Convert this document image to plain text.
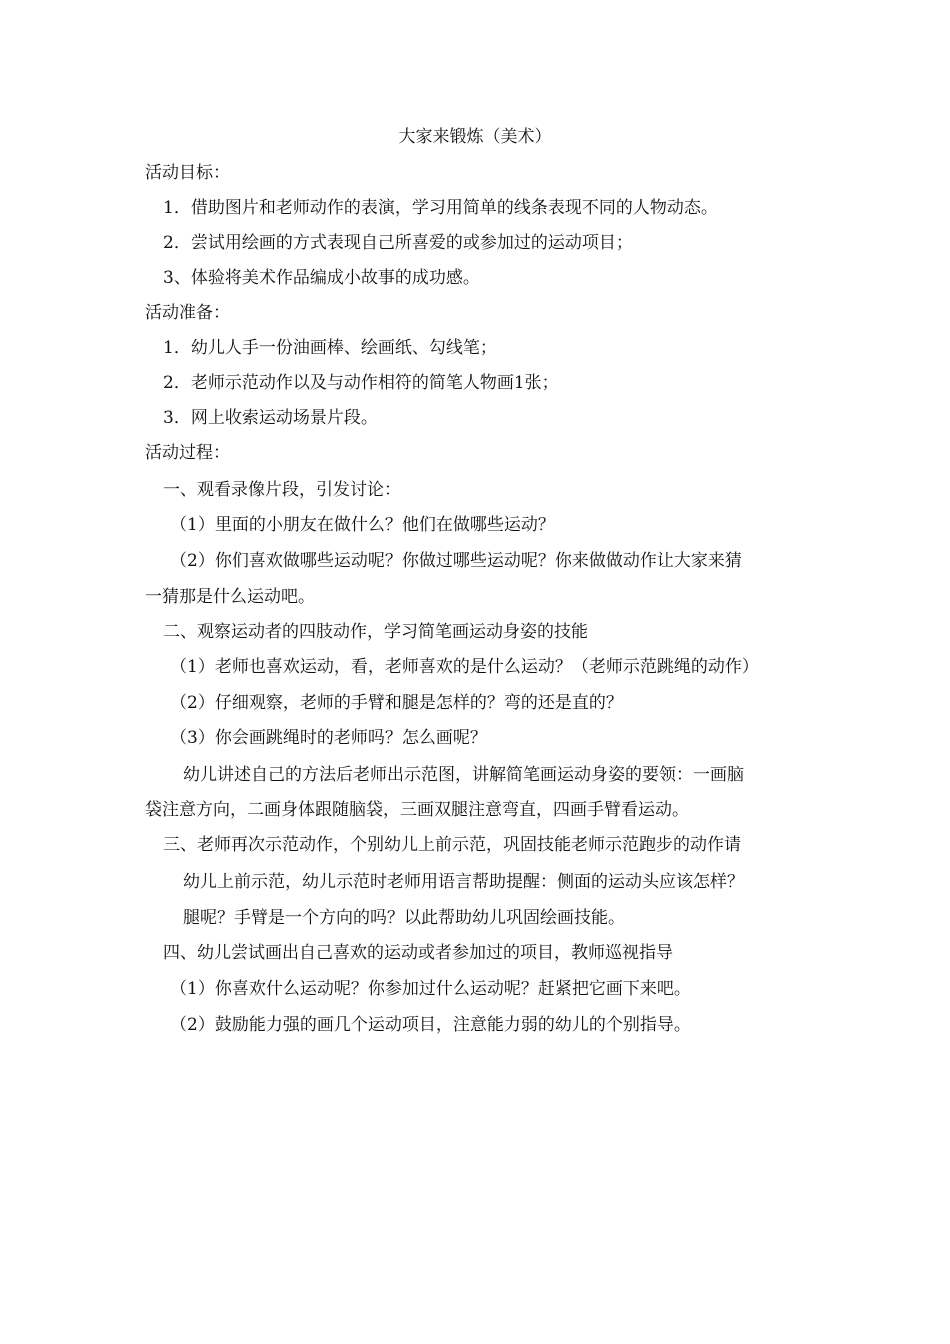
大家来锻炼（美术）
活动目标：
1．借助图片和老师动作的表演，学习用简单的线条表现不同的人物动态。
2．尝试用绘画的方式表现自己所喜爱的或参加过的运动项目；
3、体验将美术作品编成小故事的成功感。
活动准备：
1．幼儿人手一份油画棒、绘画纸、勾线笔；
2．老师示范动作以及与动作相符的简笔人物画1张；
3．网上收索运动场景片段。
活动过程：
一、观看录像片段，引发讨论：
（1）里面的小朋友在做什么？他们在做哪些运动？
（2）你们喜欢做哪些运动呢？你做过哪些运动呢？你来做做动作让大家来猜
一猜那是什么运动吧。
二、观察运动者的四肢动作，学习简笔画运动身姿的技能
（1）老师也喜欢运动，看，老师喜欢的是什么运动？（老师示范跳绳的动作）
（2）仔细观察，老师的手臂和腿是怎样的？弯的还是直的？
（3）你会画跳绳时的老师吗？怎么画呢？
幼儿讲述自己的方法后老师出示范图，讲解简笔画运动身姿的要领：一画脑
袋注意方向，二画身体跟随脑袋，三画双腿注意弯直，四画手臂看运动。
三、老师再次示范动作，个别幼儿上前示范，巩固技能老师示范跑步的动作请
幼儿上前示范，幼儿示范时老师用语言帮助提醒：侧面的运动头应该怎样？
腿呢？手臂是一个方向的吗？以此帮助幼儿巩固绘画技能。
四、幼儿尝试画出自己喜欢的运动或者参加过的项目，教师巡视指导
（1）你喜欢什么运动呢？你参加过什么运动呢？赶紧把它画下来吧。
（2）鼓励能力强的画几个运动项目，注意能力弱的幼儿的个别指导。
